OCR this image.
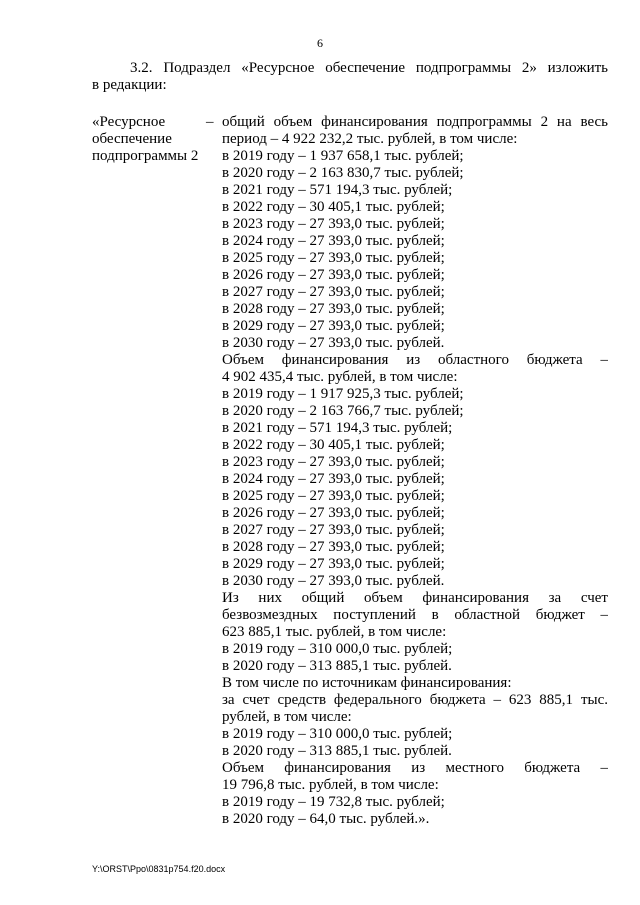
6
3.2. Подраздел «Ресурсное обеспечение подпрограммы 2» изложить
в редакции:
«Ресурсное
обеспечение
подпрограммы 2
– общий объем финансирования подпрограммы 2 на весь
период – 4 922 232,2 тыс. рублей, в том числе:
в 2019 году – 1 937 658,1 тыс. рублей;
в 2020 году – 2 163 830,7 тыс. рублей;
в 2021 году – 571 194,3 тыс. рублей;
в 2022 году – 30 405,1 тыс. рублей;
в 2023 году – 27 393,0 тыс. рублей;
в 2024 году – 27 393,0 тыс. рублей;
в 2025 году – 27 393,0 тыс. рублей;
в 2026 году – 27 393,0 тыс. рублей;
в 2027 году – 27 393,0 тыс. рублей;
в 2028 году – 27 393,0 тыс. рублей;
в 2029 году – 27 393,0 тыс. рублей;
в 2030 году – 27 393,0 тыс. рублей.
Объем финансирования из областного бюджета –
4 902 435,4 тыс. рублей, в том числе:
в 2019 году – 1 917 925,3 тыс. рублей;
в 2020 году – 2 163 766,7 тыс. рублей;
в 2021 году – 571 194,3 тыс. рублей;
в 2022 году – 30 405,1 тыс. рублей;
в 2023 году – 27 393,0 тыс. рублей;
в 2024 году – 27 393,0 тыс. рублей;
в 2025 году – 27 393,0 тыс. рублей;
в 2026 году – 27 393,0 тыс. рублей;
в 2027 году – 27 393,0 тыс. рублей;
в 2028 году – 27 393,0 тыс. рублей;
в 2029 году – 27 393,0 тыс. рублей;
в 2030 году – 27 393,0 тыс. рублей.
Из них общий объем финансирования за счет
безвозмездных поступлений в областной бюджет –
623 885,1 тыс. рублей, в том числе:
в 2019 году – 310 000,0 тыс. рублей;
в 2020 году – 313 885,1 тыс. рублей.
В том числе по источникам финансирования:
за счет средств федерального бюджета – 623 885,1 тыс.
рублей, в том числе:
в 2019 году – 310 000,0 тыс. рублей;
в 2020 году – 313 885,1 тыс. рублей.
Объем финансирования из местного бюджета –
19 796,8 тыс. рублей, в том числе:
в 2019 году – 19 732,8 тыс. рублей;
в 2020 году – 64,0 тыс. рублей.».
Y:\ORST\Ppo\0831p754.f20.docx
